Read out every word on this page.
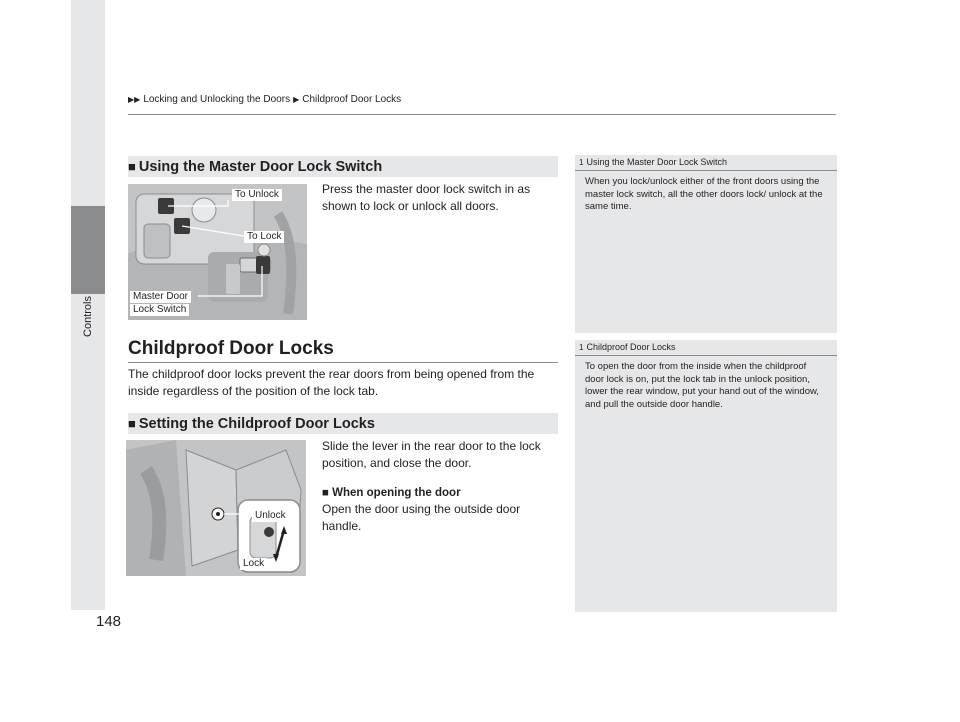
Controls
▶▶ Locking and Unlocking the Doors ▶ Childproof Door Locks
■ Using the Master Door Lock Switch
To Unlock
To Lock
Master Door
Lock Switch
Press the master door lock switch in as shown to lock or unlock all doors.
Childproof Door Locks
The childproof door locks prevent the rear doors from being opened from the inside regardless of the position of the lock tab.
■ Setting the Childproof Door Locks
Unlock
Lock
Slide the lever in the rear door to the lock position, and close the door.
■ When opening the door
Open the door using the outside door handle.
1 Using the Master Door Lock Switch
When you lock/unlock either of the front doors using the master lock switch, all the other doors lock/ unlock at the same time.
1 Childproof Door Locks
To open the door from the inside when the childproof door lock is on, put the lock tab in the unlock position, lower the rear window, put your hand out of the window, and pull the outside door handle.
148
